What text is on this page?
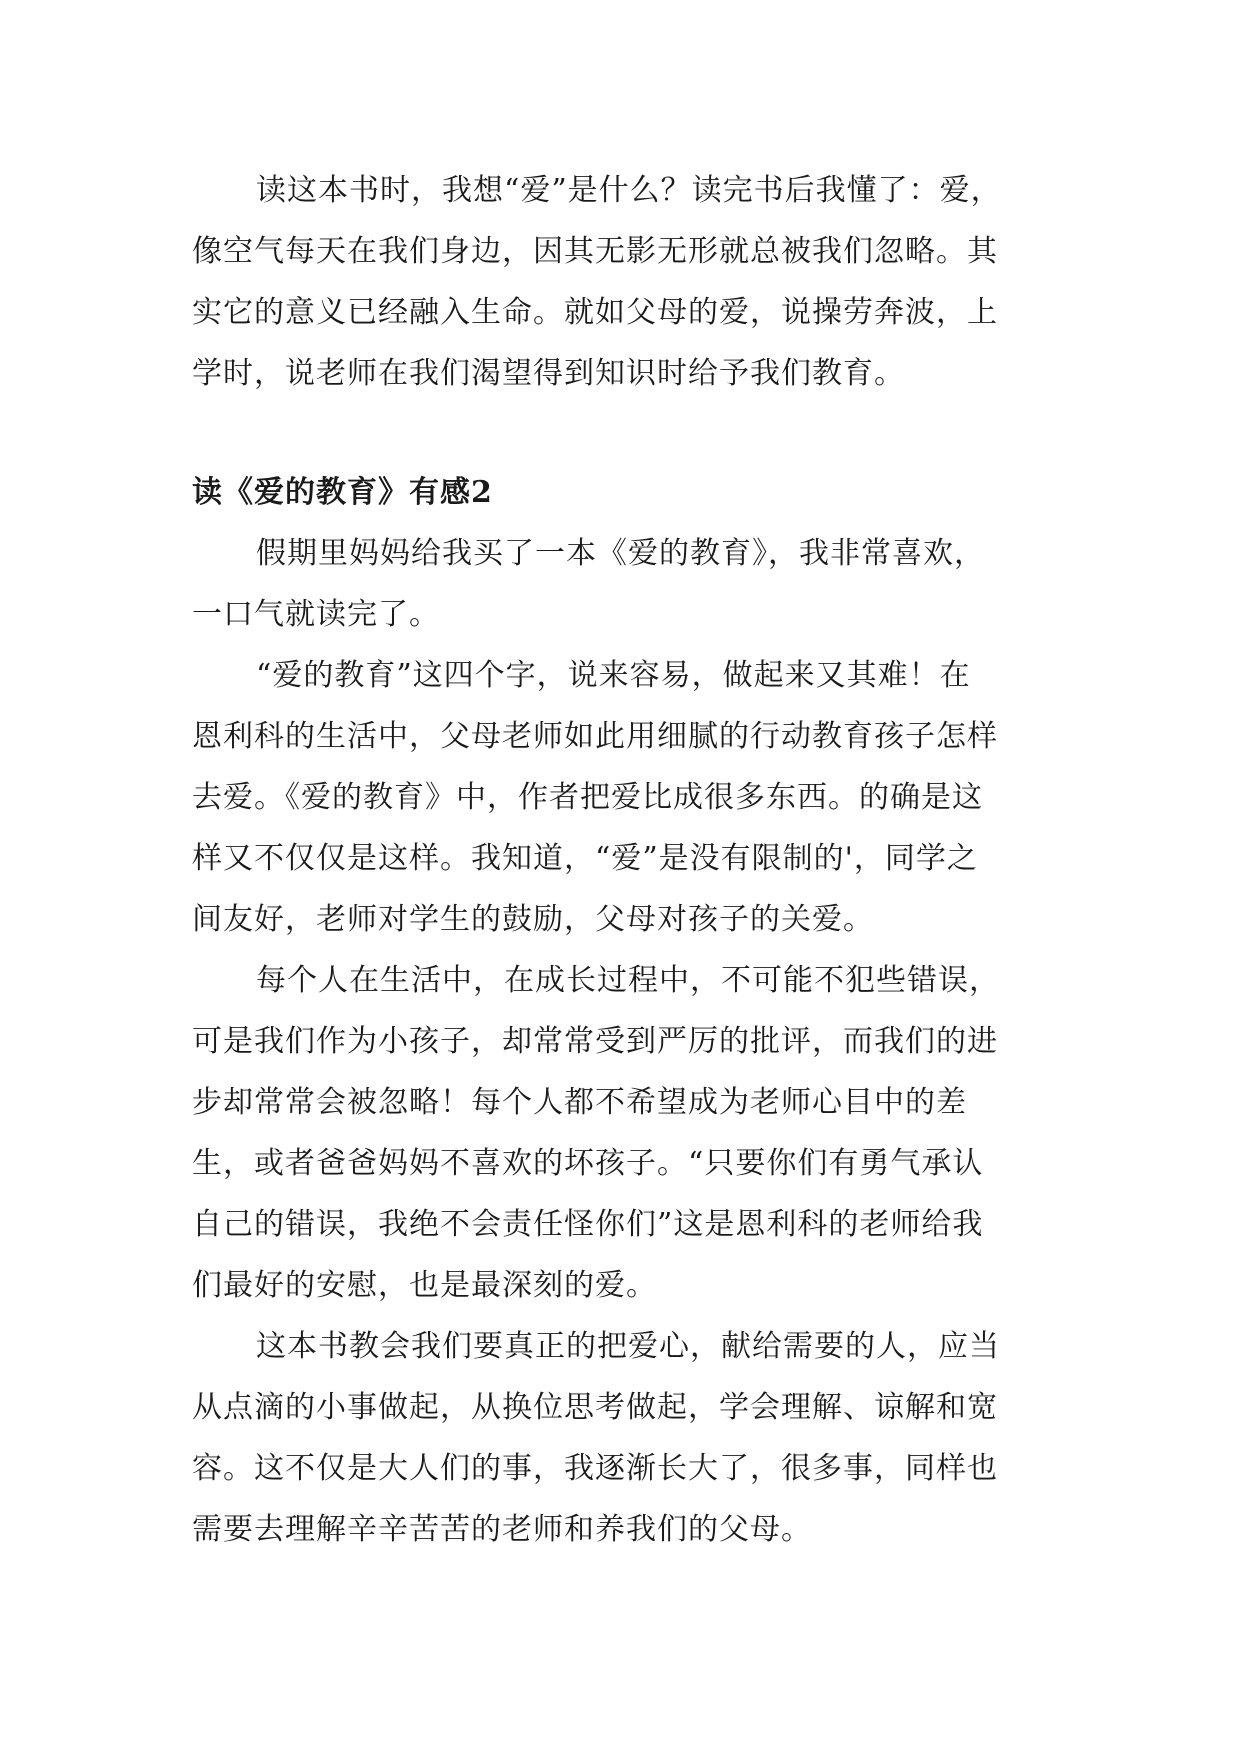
读这本书时，我想“爱”是什么？读完书后我懂了：爱，
像空气每天在我们身边，因其无影无形就总被我们忽略。其
实它的意义已经融入生命。就如父母的爱，说操劳奔波，上
学时，说老师在我们渴望得到知识时给予我们教育。

读《爱的教育》有感2

假期里妈妈给我买了一本《爱的教育》，我非常喜欢，
一口气就读完了。

“爱的教育”这四个字，说来容易，做起来又其难！在
恩利科的生活中，父母老师如此用细腻的行动教育孩子怎样
去爱。《爱的教育》中，作者把爱比成很多东西。的确是这
样又不仅仅是这样。我知道，“爱”是没有限制的'，同学之
间友好，老师对学生的鼓励，父母对孩子的关爱。

每个人在生活中，在成长过程中，不可能不犯些错误，
可是我们作为小孩子，却常常受到严厉的批评，而我们的进
步却常常会被忽略！每个人都不希望成为老师心目中的差
生，或者爸爸妈妈不喜欢的坏孩子。“只要你们有勇气承认
自己的错误，我绝不会责任怪你们”这是恩利科的老师给我
们最好的安慰，也是最深刻的爱。

这本书教会我们要真正的把爱心，献给需要的人，应当
从点滴的小事做起，从换位思考做起，学会理解、谅解和宽
容。这不仅是大人们的事，我逐渐长大了，很多事，同样也
需要去理解辛辛苦苦的老师和养我们的父母。
